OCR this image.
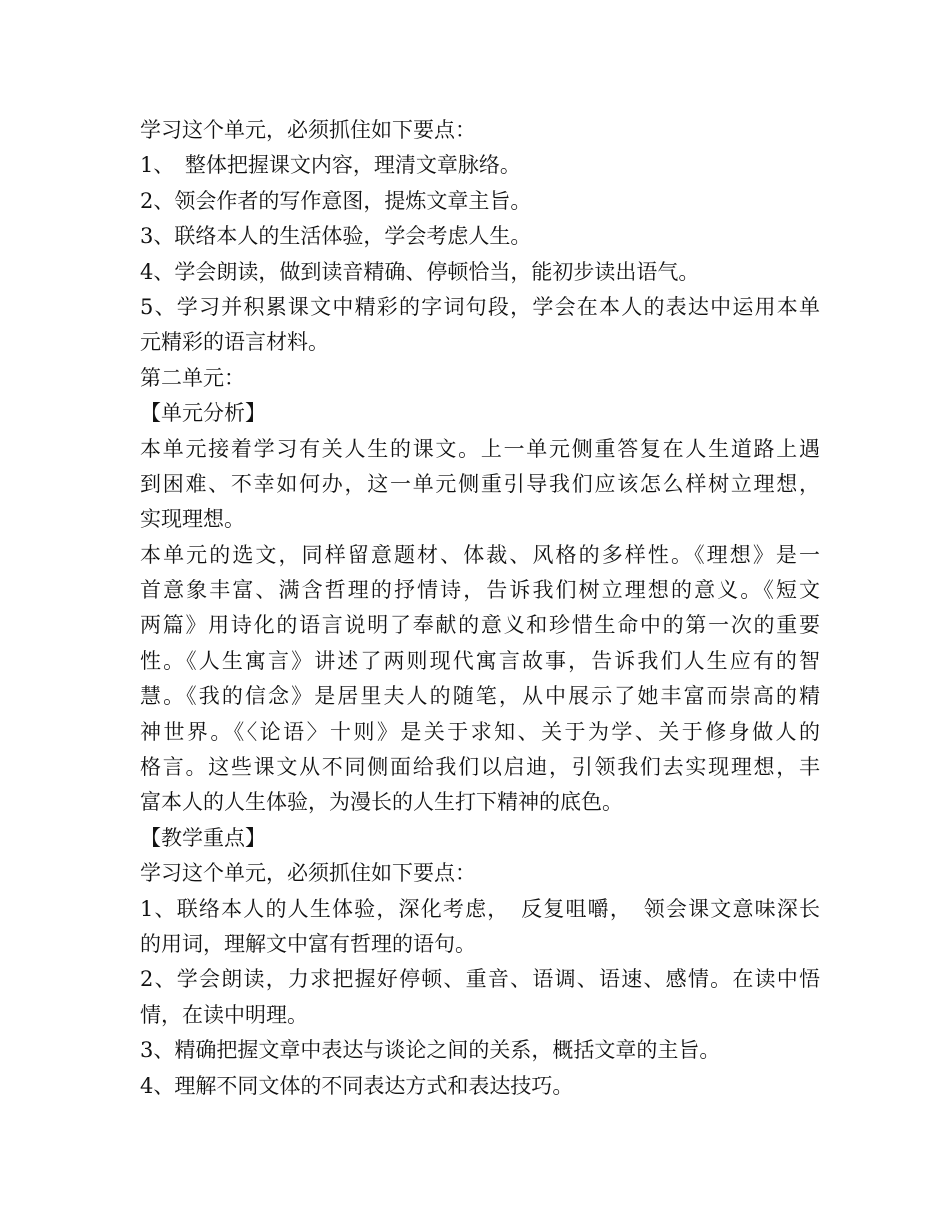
学习这个单元，必须抓住如下要点：
1、　整体把握课文内容，理清文章脉络。
2、领会作者的写作意图，提炼文章主旨。
3、联络本人的生活体验，学会考虑人生。
4、学会朗读，做到读音精确、停顿恰当，能初步读出语气。
5、学习并积累课文中精彩的字词句段，学会在本人的表达中运用本单
元精彩的语言材料。
第二单元：
【单元分析】
本单元接着学习有关人生的课文。上一单元侧重答复在人生道路上遇
到困难、不幸如何办，这一单元侧重引导我们应该怎么样树立理想，
实现理想。
本单元的选文，同样留意题材、体裁、风格的多样性。《理想》是一
首意象丰富、满含哲理的抒情诗，告诉我们树立理想的意义。《短文
两篇》用诗化的语言说明了奉献的意义和珍惜生命中的第一次的重要
性。《人生寓言》讲述了两则现代寓言故事，告诉我们人生应有的智
慧。《我的信念》是居里夫人的随笔，从中展示了她丰富而崇高的精
神世界。《〈论语〉十则》是关于求知、关于为学、关于修身做人的
格言。这些课文从不同侧面给我们以启迪，引领我们去实现理想，丰
富本人的人生体验，为漫长的人生打下精神的底色。
【教学重点】
学习这个单元，必须抓住如下要点：
1、联络本人的人生体验，深化考虑，　反复咀嚼，　领会课文意味深长
的用词，理解文中富有哲理的语句。
2、学会朗读，力求把握好停顿、重音、语调、语速、感情。在读中悟
情，在读中明理。
3、精确把握文章中表达与谈论之间的关系，概括文章的主旨。
4、理解不同文体的不同表达方式和表达技巧。
